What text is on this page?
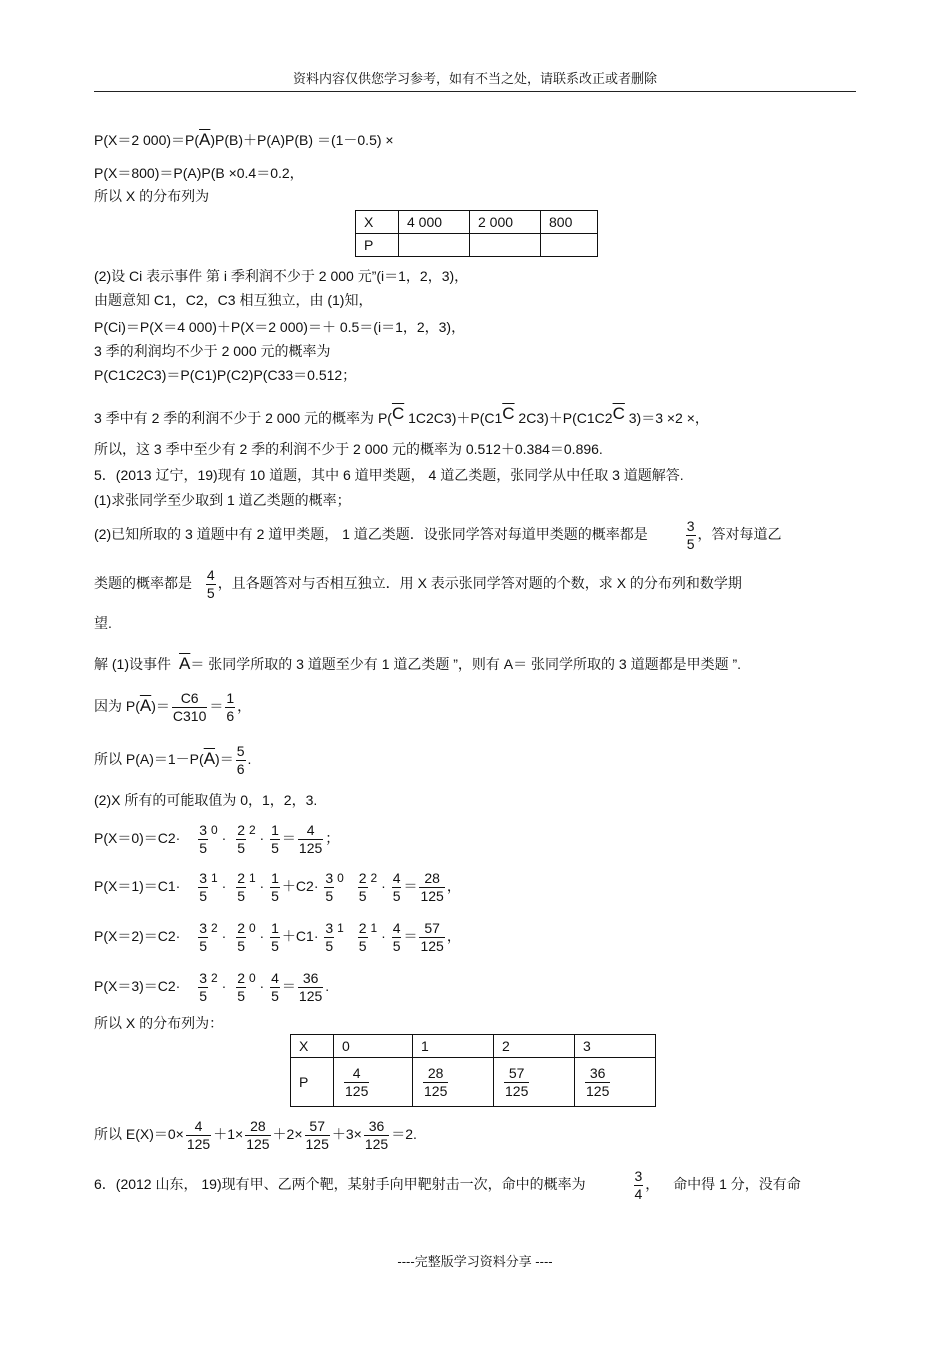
资料内容仅供您学习参考，如有不当之处，请联系改正或者删除
P(X＝2 $000)=P(\overline{A})P(B)+P(A)P(B) =(1-0.5)$ ×
P(X＝800)＝P(A)P(B ×0.4＝0.2，
所以 X 的分布列为
X	4 000	2 000	800
P			
(2)设 Ci 表示事件 第 i 季利润不少于 2 000 元”(i＝1，2，3)，
由题意知 C1，C2，C3 相互独立，由 (1)知，
P(Ci)＝P(X＝4 000)＋P(X＝2 000)＝＋ 0.5＝(i＝1，2，3)，
3 季的利润均不少于 2 000 元的概率为
P(C1C2C3)＝P(C1)P(C2)P(C33＝0.512；
3 季中有 2 季的利润不少于 2 000 元的概率为 $P(\overline{C}$ $1C2C3)+P(C1\overline{C}$ $2C3)+P(C1C2\overline{C}$ 3)＝3 ×2 ×，
所以，这 3 季中至少有 2 季的利润不少于 2 000 元的概率为 0.512＋0.384＝0.896.
5．(2013 辽宁，19)现有 10 道题，其中 6 道甲类题， 4 道乙类题，张同学从中任取 3 道题解答.
(1)求张同学至少取到 1 道乙类题的概率；
(2)已知所取的 3 道题中有 2 道甲类题， 1 道乙类题．设张同学答对每道甲类题的概率都是	$\frac{3}{5}$ ，答对每道乙
类题的概率都是 $\frac{4}{5}$ ，且各题答对与否相互独立．用 X 表示张同学答对题的个数，求 X 的分布列和数学期
望.
解 (1)设事件 $\overline{A}=$ 张同学所取的 3 道题至少有 1 道乙类题 ”，则有 A＝ 张同学所取的 3 道题都是甲类题 ”.
因为 $P(\overline{A})= \frac{C6}{C310} = \frac{1}{6}$ ，
所以 $P(A)=1-P(\overline{A})= \frac{5}{6}$ .
(2)X 所有的可能取值为 0，1，2，3.
$P(X=0)=C2\cdot \frac{3}{5} 0 \cdot \frac{2}{5} 2 \cdot \frac{1}{5} = \frac{4}{125}$ ；
$P(X=1)=C1\cdot \frac{3}{5} 1 \cdot \frac{2}{5} 1 \cdot \frac{1}{5} +C2\cdot \frac{3}{5} 0 \frac{2}{5} 2 \cdot \frac{4}{5} = \frac{28}{125}$ ，
$P(X=2)=C2\cdot \frac{3}{5} 2 \cdot \frac{2}{5} 0 \cdot \frac{1}{5} +C1\cdot \frac{3}{5} 1 \frac{2}{5} 1 \cdot \frac{4}{5} = \frac{57}{125}$ ，
$P(X=3)=C2\cdot \frac{3}{5} 2 \cdot \frac{2}{5} 0 \cdot \frac{4}{5} = \frac{36}{125}$ .
所以 X 的分布列为：
X	0	1	2	3
P	$\frac{4}{125}$	$\frac{28}{125}$	$\frac{57}{125}$	$\frac{36}{125}$
所以 $E(X)=0\times \frac{4}{125} +1\times \frac{28}{125} +2\times \frac{57}{125} +3\times \frac{36}{125} =2$.
6．(2012 山东， 19)现有甲、乙两个靶，某射手向甲靶射击一次，命中的概率为	$\frac{3}{4}$ ， 命中得 1 分，没有命
----完整版学习资料分享 ----
